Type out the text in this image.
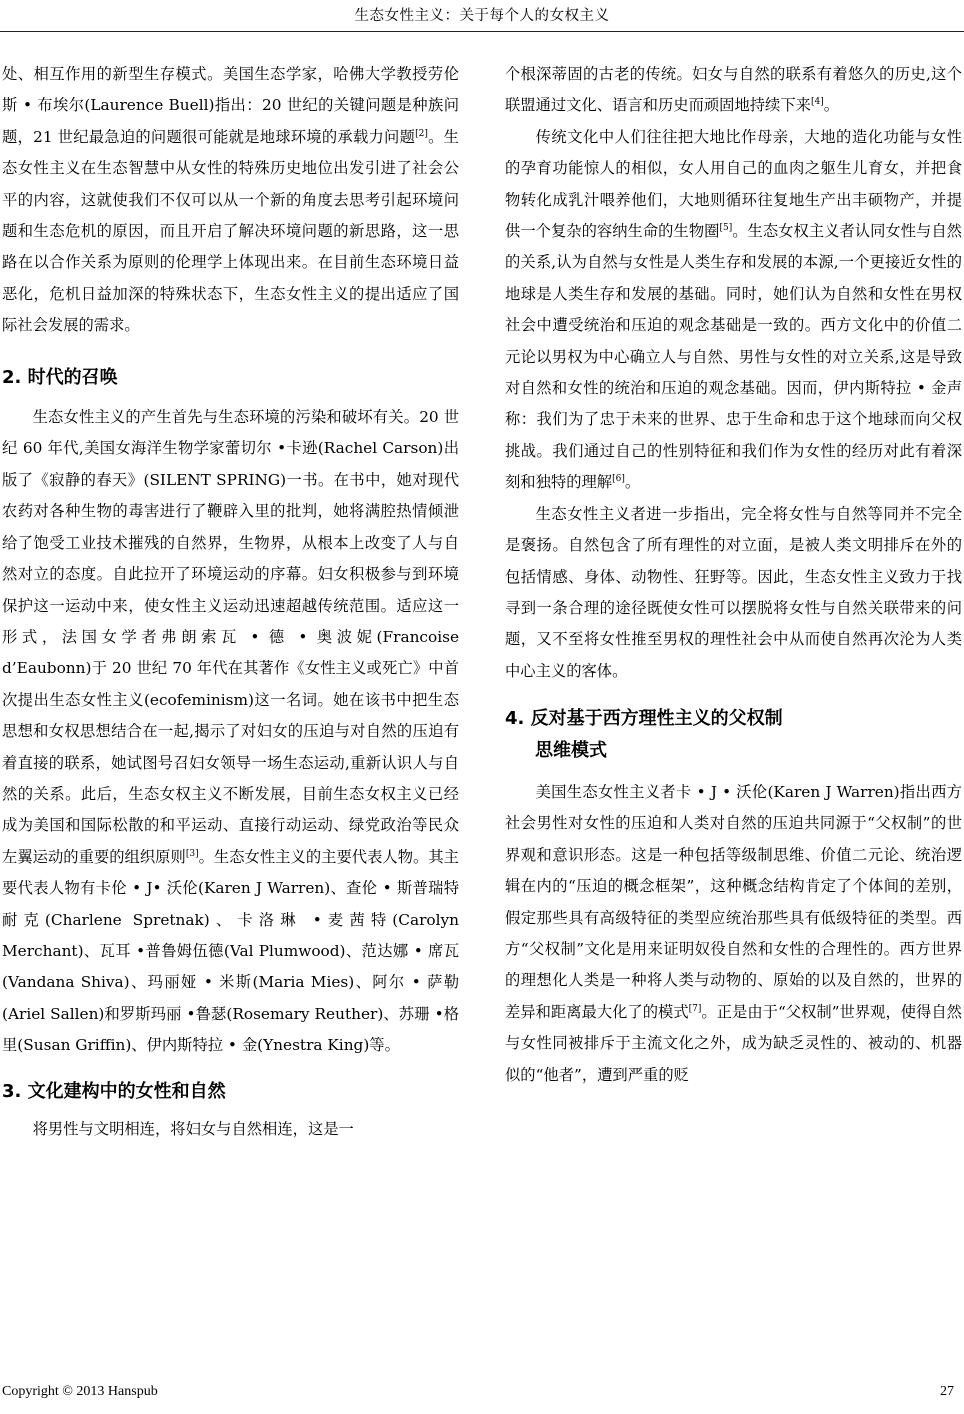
生态女性主义：关于每个人的女权主义

处、相互作用的新型生存模式。美国生态学家，哈佛大学教授劳伦斯 • 布埃尔(Laurence Buell)指出：20 世纪的关键问题是种族问题，21 世纪最急迫的问题很可能就是地球环境的承载力问题[2]。生态女性主义在生态智慧中从女性的特殊历史地位出发引进了社会公平的内容，这就使我们不仅可以从一个新的角度去思考引起环境问题和生态危机的原因，而且开启了解决环境问题的新思路，这一思路在以合作关系为原则的伦理学上体现出来。在目前生态环境日益恶化，危机日益加深的特殊状态下，生态女性主义的提出适应了国际社会发展的需求。

2. 时代的召唤

生态女性主义的产生首先与生态环境的污染和破坏有关。20 世纪 60 年代,美国女海洋生物学家蕾切尔 •卡逊(Rachel Carson)出版了《寂静的春天》(SILENT SPRING)一书。在书中，她对现代农药对各种生物的毒害进行了鞭辟入里的批判，她将满腔热情倾泄给了饱受工业技术摧残的自然界，生物界，从根本上改变了人与自然对立的态度。自此拉开了环境运动的序幕。妇女积极参与到环境保护这一运动中来，使女性主义运动迅速超越传统范围。适应这一形式，法国女学者弗朗索瓦 • 德 • 奥波妮(Francoise d’Eaubonn)于 20 世纪 70 年代在其著作《女性主义或死亡》中首次提出生态女性主义(ecofeminism)这一名词。她在该书中把生态思想和女权思想结合在一起,揭示了对妇女的压迫与对自然的压迫有着直接的联系，她试图号召妇女领导一场生态运动,重新认识人与自然的关系。此后，生态女权主义不断发展，目前生态女权主义已经成为美国和国际松散的和平运动、直接行动运动、绿党政治等民众左翼运动的重要的组织原则[3]。生态女性主义的主要代表人物。其主要代表人物有卡伦 • J• 沃伦(Karen J Warren)、查伦 • 斯普瑞特耐克(Charlene Spretnak)、卡洛琳 •麦茜特(Carolyn Merchant)、瓦耳 •普鲁姆伍德(Val Plumwood)、范达娜 • 席瓦(Vandana Shiva)、玛丽娅 • 米斯(Maria Mies)、阿尔 • 萨勒(Ariel Sallen)和罗斯玛丽 •鲁瑟(Rosemary Reuther)、苏珊 •格里(Susan Griffin)、伊内斯特拉 • 金(Ynestra King)等。

3. 文化建构中的女性和自然

将男性与文明相连，将妇女与自然相连，这是一

个根深蒂固的古老的传统。妇女与自然的联系有着悠久的历史,这个联盟通过文化、语言和历史而顽固地持续下来[4]。

传统文化中人们往往把大地比作母亲，大地的造化功能与女性的孕育功能惊人的相似，女人用自己的血肉之躯生儿育女，并把食物转化成乳汁喂养他们，大地则循环往复地生产出丰硕物产，并提供一个复杂的容纳生命的生物圈[5]。生态女权主义者认同女性与自然的关系,认为自然与女性是人类生存和发展的本源,一个更接近女性的地球是人类生存和发展的基础。同时，她们认为自然和女性在男权社会中遭受统治和压迫的观念基础是一致的。西方文化中的价值二元论以男权为中心确立人与自然、男性与女性的对立关系,这是导致对自然和女性的统治和压迫的观念基础。因而，伊内斯特拉 • 金声称：我们为了忠于未来的世界、忠于生命和忠于这个地球而向父权挑战。我们通过自己的性别特征和我们作为女性的经历对此有着深刻和独特的理解[6]。

生态女性主义者进一步指出，完全将女性与自然等同并不完全是褒扬。自然包含了所有理性的对立面，是被人类文明排斥在外的包括情感、身体、动物性、狂野等。因此，生态女性主义致力于找寻到一条合理的途径既使女性可以摆脱将女性与自然关联带来的问题，又不至将女性推至男权的理性社会中从而使自然再次沦为人类中心主义的客体。

4. 反对基于西方理性主义的父权制
思维模式

美国生态女性主义者卡 • J • 沃伦(Karen J Warren)指出西方社会男性对女性的压迫和人类对自然的压迫共同源于“父权制”的世界观和意识形态。这是一种包括等级制思维、价值二元论、统治逻辑在内的“压迫的概念框架”，这种概念结构肯定了个体间的差别，假定那些具有高级特征的类型应统治那些具有低级特征的类型。西方“父权制”文化是用来证明奴役自然和女性的合理性的。西方世界的理想化人类是一种将人类与动物的、原始的以及自然的，世界的差异和距离最大化了的模式[7]。正是由于“父权制”世界观，使得自然与女性同被排斥于主流文化之外，成为缺乏灵性的、被动的、机器似的“他者”，遭到严重的贬

Copyright © 2013 Hanspub	27
